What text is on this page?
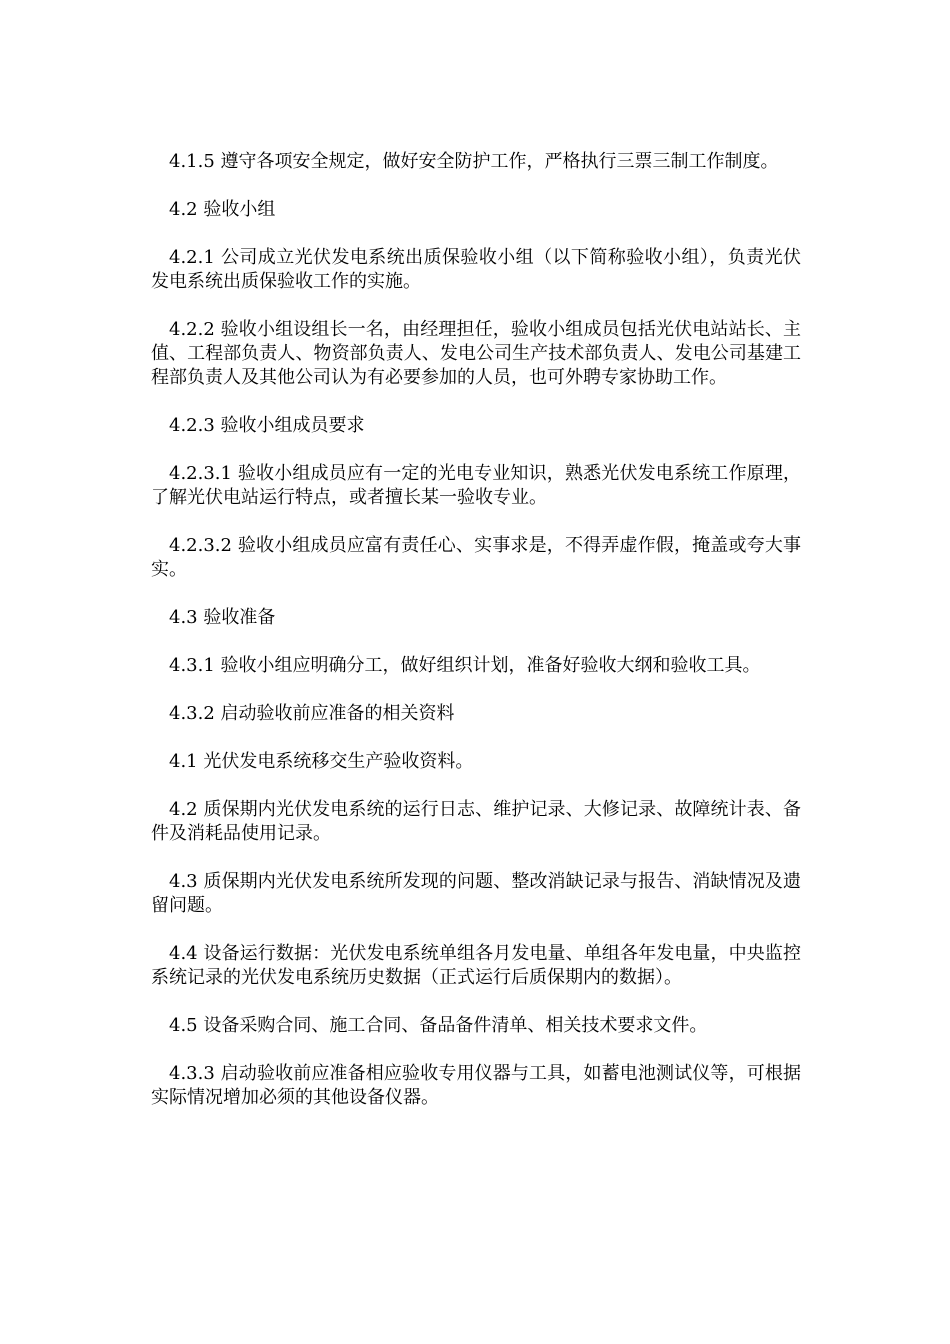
4.1.5 遵守各项安全规定，做好安全防护工作，严格执行三票三制工作制度。

4.2 验收小组

4.2.1 公司成立光伏发电系统出质保验收小组（以下简称验收小组），负责光伏发电系统出质保验收工作的实施。

4.2.2 验收小组设组长一名，由经理担任，验收小组成员包括光伏电站站长、主值、工程部负责人、物资部负责人、发电公司生产技术部负责人、发电公司基建工程部负责人及其他公司认为有必要参加的人员，也可外聘专家协助工作。

4.2.3 验收小组成员要求

4.2.3.1 验收小组成员应有一定的光电专业知识，熟悉光伏发电系统工作原理，了解光伏电站运行特点，或者擅长某一验收专业。

4.2.3.2 验收小组成员应富有责任心、实事求是，不得弄虚作假，掩盖或夸大事实。

4.3 验收准备

4.3.1 验收小组应明确分工，做好组织计划，准备好验收大纲和验收工具。

4.3.2 启动验收前应准备的相关资料

4.1 光伏发电系统移交生产验收资料。

4.2 质保期内光伏发电系统的运行日志、维护记录、大修记录、故障统计表、备件及消耗品使用记录。

4.3 质保期内光伏发电系统所发现的问题、整改消缺记录与报告、消缺情况及遗留问题。

4.4 设备运行数据：光伏发电系统单组各月发电量、单组各年发电量，中央监控系统记录的光伏发电系统历史数据（正式运行后质保期内的数据）。

4.5 设备采购合同、施工合同、备品备件清单、相关技术要求文件。

4.3.3 启动验收前应准备相应验收专用仪器与工具，如蓄电池测试仪等，可根据实际情况增加必须的其他设备仪器。
